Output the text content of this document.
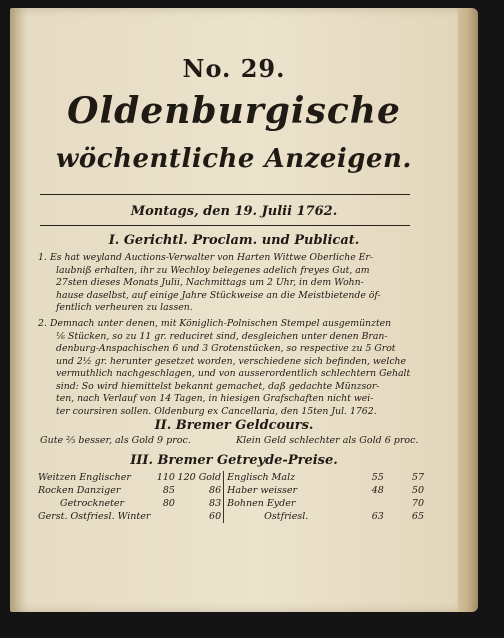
No. 29.
Oldenburgische
wöchentliche Anzeigen.
Montags, den 19. Julii 1762.
I. Gerichtl. Proclam. und Publicat.
1. Es hat weyland Auctions-Verwalter von Harten Wittwe Oberliche Er-
laubniß erhalten, ihr zu Wechloy belegenes adelich freyes Gut, am
27sten dieses Monats Julii, Nachmittags um 2 Uhr, in dem Wohn-
hause daselbst, auf einige Jahre Stückweise an die Meistbietende öf-
fentlich verheuren zu lassen.
2. Demnach unter denen, mit Königlich-Polnischen Stempel ausgemünzten
⅙ Stücken, so zu 11 gr. reduciret sind, desgleichen unter denen Bran-
denburg-Anspachischen 6 und 3 Grotenstücken, so respective zu 5 Grot
und 2½ gr. herunter gesetzet worden, verschiedene sich befinden, welche
vermuthlich nachgeschlagen, und von ausserordentlich schlechtern Gehalt
sind: So wird hiemittelst bekannt gemachet, daß gedachte Münzsor-
ten, nach Verlauf von 14 Tagen, in hiesigen Grafschaften nicht wei-
ter coursiren sollen. Oldenburg ex Cancellaria, den 15ten Jul. 1762.
II. Bremer Geldcours.
Gute ⅔ besser, als Gold 9 proc.	Klein Geld schlechter als Gold 6 proc.
III. Bremer Getreyde-Preise.
Weitzen Englischer	110	120 Gold	Englisch Malz	55	57
Rocken Danziger	85	86	Haber weisser	48	50
Getrockneter	80	83	Bohnen Eyder		70
Gerst. Ostfriesl. Winter		60	Ostfriesl.	63	65
